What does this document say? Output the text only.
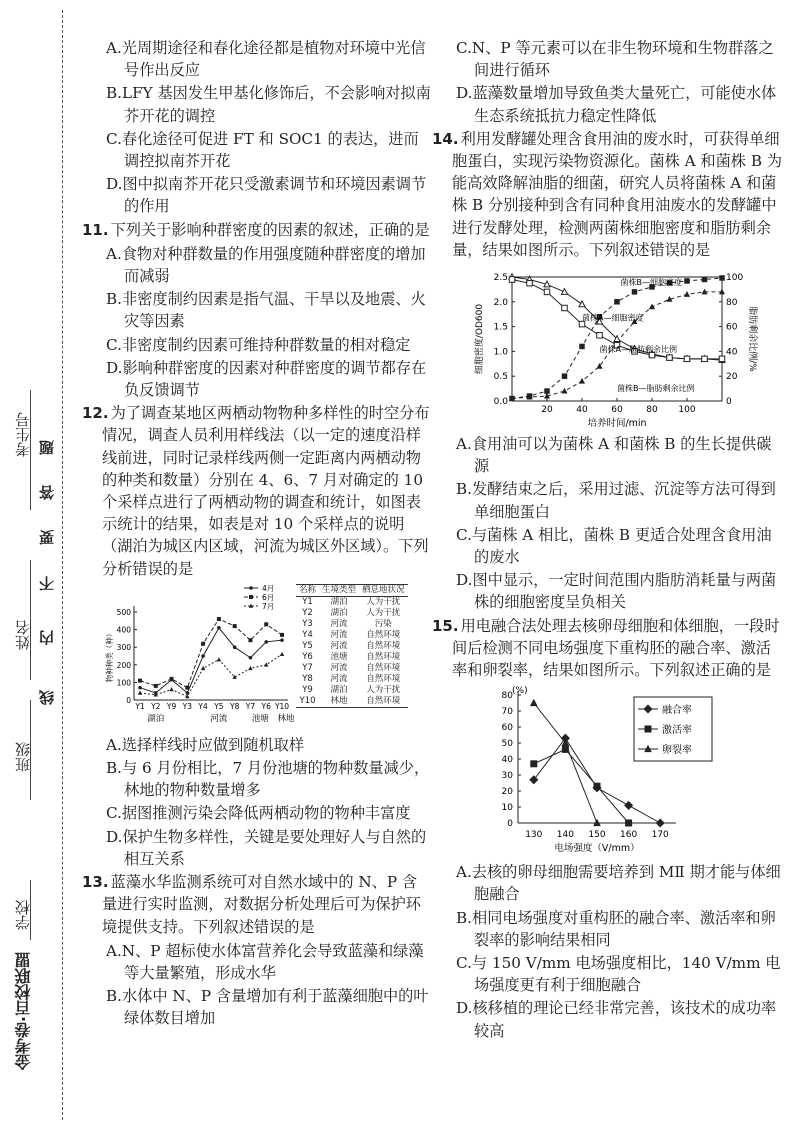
考生号
姓名
班级
学校
金考卷·百校联盟
题
答
要
不
内
线
A.光周期途径和春化途径都是植物对环境中光信号作出反应
B.LFY 基因发生甲基化修饰后，不会影响对拟南芥开花的调控
C.春化途径可促进 FT 和 SOC1 的表达，进而调控拟南芥开花
D.图中拟南芥开花只受激素调节和环境因素调节的作用
11. 下列关于影响种群密度的因素的叙述，正确的是
A.食物对种群数量的作用强度随种群密度的增加而减弱
B.非密度制约因素是指气温、干旱以及地震、火灾等因素
C.非密度制约因素可维持种群数量的相对稳定
D.影响种群密度的因素对种群密度的调节都存在负反馈调节
12. 为了调查某地区两栖动物物种多样性的时空分布情况，调查人员利用样线法（以一定的速度沿样线前进，同时记录样线两侧一定距离内两栖动物的种类和数量）分别在 4、6、7 月对确定的 10 个采样点进行了两栖动物的调查和统计，如图表示统计的结果，如表是对 10 个采样点的说明（湖泊为城区内区域，河流为城区外区域）。下列分析错误的是
0
100
200
300
400
500
物种种类（种）
Y1 Y2 Y9 Y3 Y4 Y5 Y8 Y7 Y6 Y10
湖泊	河流	池塘 林地
4月
6月
7月
名称	生境类型	栖息地状况
Y1	湖泊	人为干扰
Y2	湖泊	人为干扰
Y3	河流	污染
Y4	河流	自然环境
Y5	河流	自然环境
Y6	池塘	自然环境
Y7	河流	自然环境
Y8	河流	自然环境
Y9	湖泊	人为干扰
Y10	林地	自然环境
A.选择样线时应做到随机取样
B.与 6 月份相比，7 月份池塘的物种数量减少，林地的物种数量增多
C.据图推测污染会降低两栖动物的物种丰富度
D.保护生物多样性，关键是要处理好人与自然的相互关系
13. 蓝藻水华监测系统可对自然水域中的 N、P 含量进行实时监测，对数据分析处理后可为保护环境提供支持。下列叙述错误的是
A.N、P 超标使水体富营养化会导致蓝藻和绿藻等大量繁殖，形成水华
B.水体中 N、P 含量增加有利于蓝藻细胞中的叶绿体数目增加
C.N、P 等元素可以在非生物环境和生物群落之间进行循环
D.蓝藻数量增加导致鱼类大量死亡，可能使水体生态系统抵抗力稳定性降低
14. 利用发酵罐处理含食用油的废水时，可获得单细胞蛋白，实现污染物资源化。菌株 A 和菌株 B 为能高效降解油脂的细菌，研究人员将菌株 A 和菌株 B 分别接种到含有同种食用油废水的发酵罐中进行发酵处理，检测两菌株细胞密度和脂肪剩余量，结果如图所示。下列叙述错误的是
0.0
0.5
1.0
1.5
2.0
2.5
0
20
40
60
80
100
20	40	60	80 100
培养时间/min
细胞密度/OD600	脂肪剩余比例/%
菌株B—细胞密度
菌株A—细胞密度
菌株A—脂肪剩余比例
菌株B—脂肪剩余比例
A.食用油可以为菌株 A 和菌株 B 的生长提供碳源
B.发酵结束之后，采用过滤、沉淀等方法可得到单细胞蛋白
C.与菌株 A 相比，菌株 B 更适合处理含食用油的废水
D.图中显示，一定时间范围内脂肪消耗量与两菌株的细胞密度呈负相关
15. 用电融合法处理去核卵母细胞和体细胞，一段时间后检测不同电场强度下重构胚的融合率、激活率和卵裂率，结果如图所示。下列叙述正确的是
(%)
0
10
20
30
40
50
60
70
80
130 140 150 160 170
电场强度（V/mm）
融合率
激活率
卵裂率
A.去核的卵母细胞需要培养到 MⅡ 期才能与体细胞融合
B.相同电场强度对重构胚的融合率、激活率和卵裂率的影响结果相同
C.与 150 V/mm 电场强度相比，140 V/mm 电场强度更有利于细胞融合
D.核移植的理论已经非常完善，该技术的成功率较高
